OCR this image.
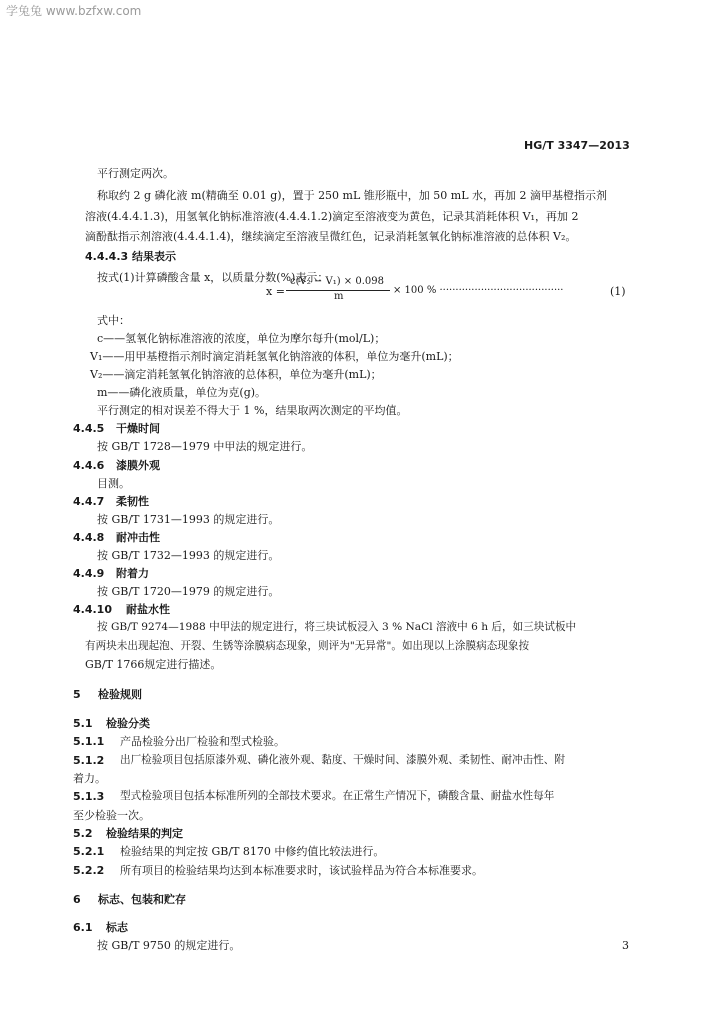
学兔兔 www.bzfxw.com
HG/T 3347—2013
平行测定两次。
称取约 2 g 磷化液 m(精确至 0.01 g)，置于 250 mL 锥形瓶中，加 50 mL 水，再加 2 滴甲基橙指示剂
溶液(4.4.4.1.3)，用氢氧化钠标准溶液(4.4.4.1.2)滴定至溶液变为黄色，记录其消耗体积 V₁，再加 2
滴酚酞指示剂溶液(4.4.4.1.4)，继续滴定至溶液呈微红色，记录消耗氢氧化钠标准溶液的总体积 V₂。
4.4.4.3 结果表示
按式(1)计算磷酸含量 x，以质量分数(%)表示：
x =
c(V₂ − V₁) × 0.098
m
× 100 % ·······································	(1)
式中：
c——氢氧化钠标准溶液的浓度，单位为摩尔每升(mol/L)；
V₁——用甲基橙指示剂时滴定消耗氢氧化钠溶液的体积，单位为毫升(mL)；
V₂——滴定消耗氢氧化钠溶液的总体积，单位为毫升(mL)；
m——磷化液质量，单位为克(g)。
平行测定的相对误差不得大于 1 %，结果取两次测定的平均值。
4.4.5 干燥时间
按 GB/T 1728—1979 中甲法的规定进行。
4.4.6 漆膜外观
目测。
4.4.7 柔韧性
按 GB/T 1731—1993 的规定进行。
4.4.8 耐冲击性
按 GB/T 1732—1993 的规定进行。
4.4.9 附着力
按 GB/T 1720—1979 的规定进行。
4.4.10 耐盐水性
按 GB/T 9274—1988 中甲法的规定进行，将三块试板浸入 3 % NaCl 溶液中 6 h 后，如三块试板中
有两块未出现起泡、开裂、生锈等涂膜病态现象，则评为"无异常"。如出现以上涂膜病态现象按
GB/T 1766规定进行描述。
5 检验规则
5.1 检验分类
5.1.1 产品检验分出厂检验和型式检验。
5.1.2 出厂检验项目包括原漆外观、磷化液外观、黏度、干燥时间、漆膜外观、柔韧性、耐冲击性、附
着力。
5.1.3 型式检验项目包括本标准所列的全部技术要求。在正常生产情况下，磷酸含量、耐盐水性每年
至少检验一次。
5.2 检验结果的判定
5.2.1 检验结果的判定按 GB/T 8170 中修约值比较法进行。
5.2.2 所有项目的检验结果均达到本标准要求时，该试验样品为符合本标准要求。
6 标志、包装和贮存
6.1 标志
按 GB/T 9750 的规定进行。	3
